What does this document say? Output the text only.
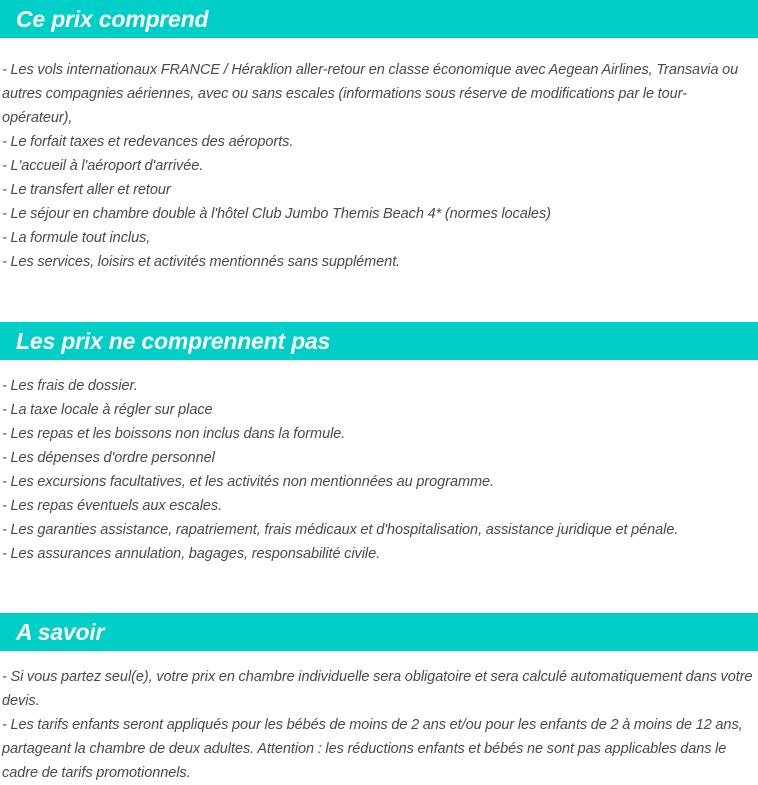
Ce prix comprend

- Les vols internationaux FRANCE / Héraklion aller-retour en classe économique avec Aegean Airlines, Transavia ou autres compagnies aériennes, avec ou sans escales (informations sous réserve de modifications par le tour-opérateur),

- Le forfait taxes et redevances des aéroports.

- L'accueil à l'aéroport d'arrivée.

- Le transfert aller et retour

- Le séjour en chambre double à l'hôtel Club Jumbo Themis Beach 4* (normes locales)

- La formule tout inclus,

- Les services, loisirs et activités mentionnés sans supplément.

Les prix ne comprennent pas

- Les frais de dossier.

- La taxe locale à régler sur place

- Les repas et les boissons non inclus dans la formule.

- Les dépenses d'ordre personnel

- Les excursions facultatives, et les activités non mentionnées au programme.

- Les repas éventuels aux escales.

- Les garanties assistance, rapatriement, frais médicaux et d'hospitalisation, assistance juridique et pénale.

- Les assurances annulation, bagages, responsabilité civile.

A savoir

- Si vous partez seul(e), votre prix en chambre individuelle sera obligatoire et sera calculé automatiquement dans votre devis.

- Les tarifs enfants seront appliqués pour les bébés de moins de 2 ans et/ou pour les enfants de 2 à moins de 12 ans, partageant la chambre de deux adultes. Attention : les réductions enfants et bébés ne sont pas applicables dans le cadre de tarifs promotionnels.
